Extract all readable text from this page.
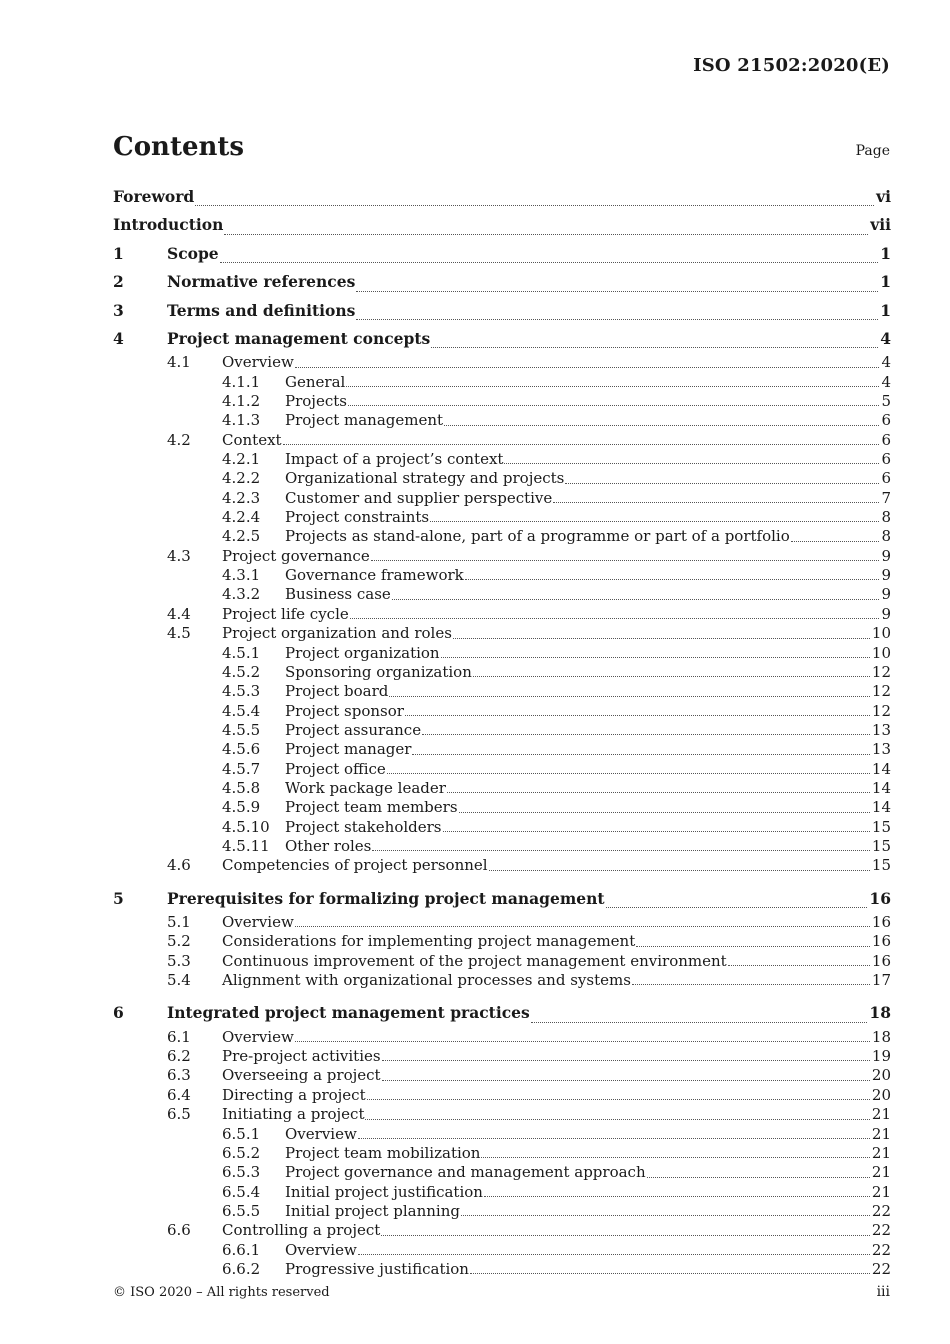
ISO 21502:2020(E)
Contents	Page
Foreword	vi
Introduction	vii
1	Scope	1
2	Normative references	1
3	Terms and definitions	1
4	Project management concepts	4
4.1	Overview	4
4.1.1	General	4
4.1.2	Projects	5
4.1.3	Project management	6
4.2	Context	6
4.2.1	Impact of a project’s context	6
4.2.2	Organizational strategy and projects	6
4.2.3	Customer and supplier perspective	7
4.2.4	Project constraints	8
4.2.5	Projects as stand-alone, part of a programme or part of a portfolio	8
4.3	Project governance	9
4.3.1	Governance framework	9
4.3.2	Business case	9
4.4	Project life cycle	9
4.5	Project organization and roles	10
4.5.1	Project organization	10
4.5.2	Sponsoring organization	12
4.5.3	Project board	12
4.5.4	Project sponsor	12
4.5.5	Project assurance	13
4.5.6	Project manager	13
4.5.7	Project office	14
4.5.8	Work package leader	14
4.5.9	Project team members	14
4.5.10	Project stakeholders	15
4.5.11	Other roles	15
4.6	Competencies of project personnel	15
5	Prerequisites for formalizing project management	16
5.1	Overview	16
5.2	Considerations for implementing project management	16
5.3	Continuous improvement of the project management environment	16
5.4	Alignment with organizational processes and systems	17
6	Integrated project management practices	18
6.1	Overview	18
6.2	Pre-project activities	19
6.3	Overseeing a project	20
6.4	Directing a project	20
6.5	Initiating a project	21
6.5.1	Overview	21
6.5.2	Project team mobilization	21
6.5.3	Project governance and management approach	21
6.5.4	Initial project justification	21
6.5.5	Initial project planning	22
6.6	Controlling a project	22
6.6.1	Overview	22
6.6.2	Progressive justification	22
© ISO 2020 – All rights reserved	iii
